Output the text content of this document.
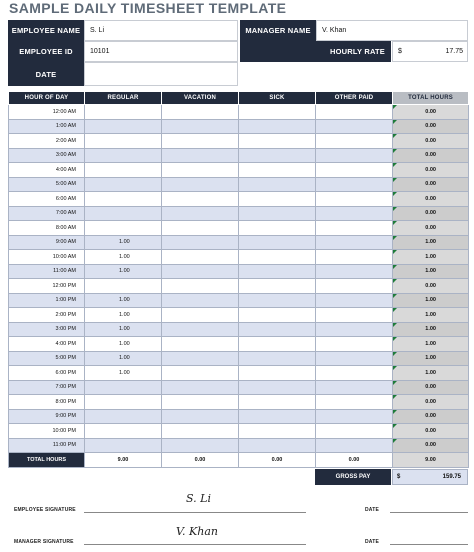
SAMPLE DAILY TIMESHEET TEMPLATE
EMPLOYEE NAME	S. Li
EMPLOYEE ID	10101
DATE
MANAGER NAME	V. Khan
HOURLY RATE	$	17.75
HOUR OF DAY	REGULAR	VACATION	SICK	OTHER PAID	TOTAL HOURS
12:00 AM					0.00

1:00 AM					0.00

2:00 AM					0.00

3:00 AM					0.00

4:00 AM					0.00

5:00 AM					0.00

6:00 AM					0.00

7:00 AM					0.00

8:00 AM					0.00

9:00 AM	1.00				1.00

10:00 AM	1.00				1.00

11:00 AM	1.00				1.00

12:00 PM					0.00

1:00 PM	1.00				1.00

2:00 PM	1.00				1.00

3:00 PM	1.00				1.00

4:00 PM	1.00				1.00

5:00 PM	1.00				1.00

6:00 PM	1.00				1.00

7:00 PM					0.00

8:00 PM					0.00

9:00 PM					0.00

10:00 PM					0.00

11:00 PM					0.00

TOTAL HOURS	9.00	0.00	0.00	0.00	9.00
GROSS PAY	$	159.75
EMPLOYEE SIGNATURE
S. Li
DATE
MANAGER SIGNATURE
V. Khan
DATE
